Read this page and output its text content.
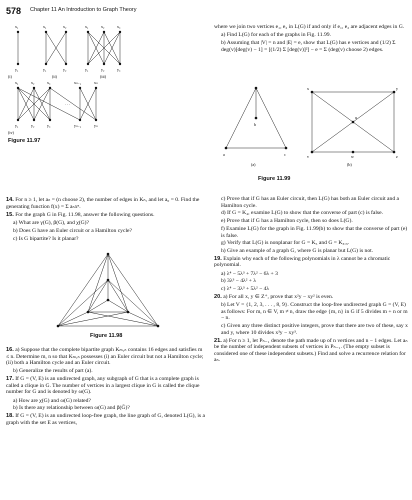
578 Chapter 11 An Introduction to Graph Theory
. . .
x₁	x₁	x₂	x₁	x₂	x₃
y₁	y₁	y₂	y₁	y₂	y₃
(i)	(ii)	(iii)
x₁	x₂	x₃	xₙ₋₁	xₙ
y₁	y₂	y₃	yₙ₋₁	yₙ
(iv)
Figure 11.97

14. For n ≥ 1, let aₙ = (n choose 2), the number of edges in Kₙ, and let a₀ = 0. Find the generating function f(x) = Σ aₙxⁿ.

15. For the graph G in Fig. 11.98, answer the following questions.

a) What are γ(G), β(G), and χ(G)?

b) Does G have an Euler circuit or a Hamilton cycle?

c) Is G bipartite? Is it planar?

Figure 11.98

16. a) Suppose that the complete bipartite graph Kₘ,ₙ contains 16 edges and satisfies m ≤ n. Determine m, n so that Kₘ,ₙ possesses (i) an Euler circuit but not a Hamilton cycle; (ii) both a Hamilton cycle and an Euler circuit.

b) Generalize the results of part (a).

17. If G = (V, E) is an undirected graph, any subgraph of G that is a complete graph is called a clique in G. The number of vertices in a largest clique in G is called the clique number for G and is denoted by ω(G).

a) How are χ(G) and ω(G) related?

b) Is there any relationship between ω(G) and β(Ḡ)?

18. If G = (V, E) is an undirected loop-free graph, the line graph of G, denoted L(G), is a graph with the set E as vertices,

where we join two vertices e₁, e₂ in L(G) if and only if e₁, e₂ are adjacent edges in G.

a) Find L(G) for each of the graphs in Fig. 11.99.

b) Assuming that |V| = n and |E| = e, show that L(G) has e vertices and (1/2) Σ deg(v)[deg(v) − 1] = [(1/2) Σ [deg(v)]²] − e = Σ (deg(v) choose 2) edges.

a
b
c
x	y
z
u
w
v
(a)	(b)
Figure 11.99

c) Prove that if G has an Euler circuit, then L(G) has both an Euler circuit and a Hamilton cycle.

d) If G = K₄, examine L(G) to show that the converse of part (c) is false.

e) Prove that if G has a Hamilton cycle, then so does L(G).

f) Examine L(G) for the graph in Fig. 11.99(b) to show that the converse of part (e) is false.

g) Verify that L(G) is nonplanar for G = K₅ and G = K₃,₃.

h) Give an example of a graph G, where G is planar but L(G) is not.

19. Explain why each of the following polynomials in λ cannot be a chromatic polynomial.

a) λ⁴ − 5λ³ + 7λ² − 6λ + 3

b) 3λ³ − 4λ² + λ

c) λ⁴ − 3λ³ + 5λ² − 4λ

20. a) For all x, y ∈ Z⁺, prove that x²y − xy² is even.

b) Let V = {1, 2, 3, . . . , 8, 9}. Construct the loop-free undirected graph G = (V, E) as follows: For m, n ∈ V, m ≠ n, draw the edge {m, n} in G if 5 divides m + n or m − n.

c) Given any three distinct positive integers, prove that there are two of these, say x and y, where 10 divides x³y − xy³.

21. a) For n ≥ 1, let Pₙ₋₁ denote the path made up of n vertices and n − 1 edges. Let aₙ be the number of independent subsets of vertices in Pₙ₋₁. (The empty subset is considered one of these independent subsets.) Find and solve a recurrence relation for aₙ.
